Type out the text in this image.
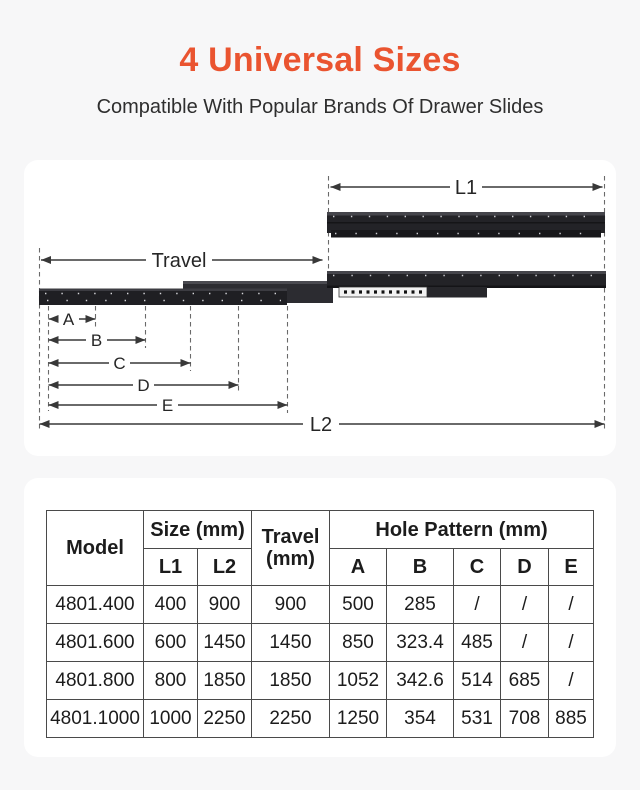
4 Universal Sizes
Compatible With Popular Brands Of Drawer Slides
L1
Travel
A
B
C
D
E
L2
Model	Size (mm)		Travel (mm)	Hole Pattern (mm)				
	L1	L2		A	B	C	D	E
4801.400	400	900	900	500	285	/	/	/
4801.600	600	1450	1450	850	323.4	485	/	/
4801.800	800	1850	1850	1052	342.6	514	685	/
4801.1000	1000	2250	2250	1250	354	531	708	885
